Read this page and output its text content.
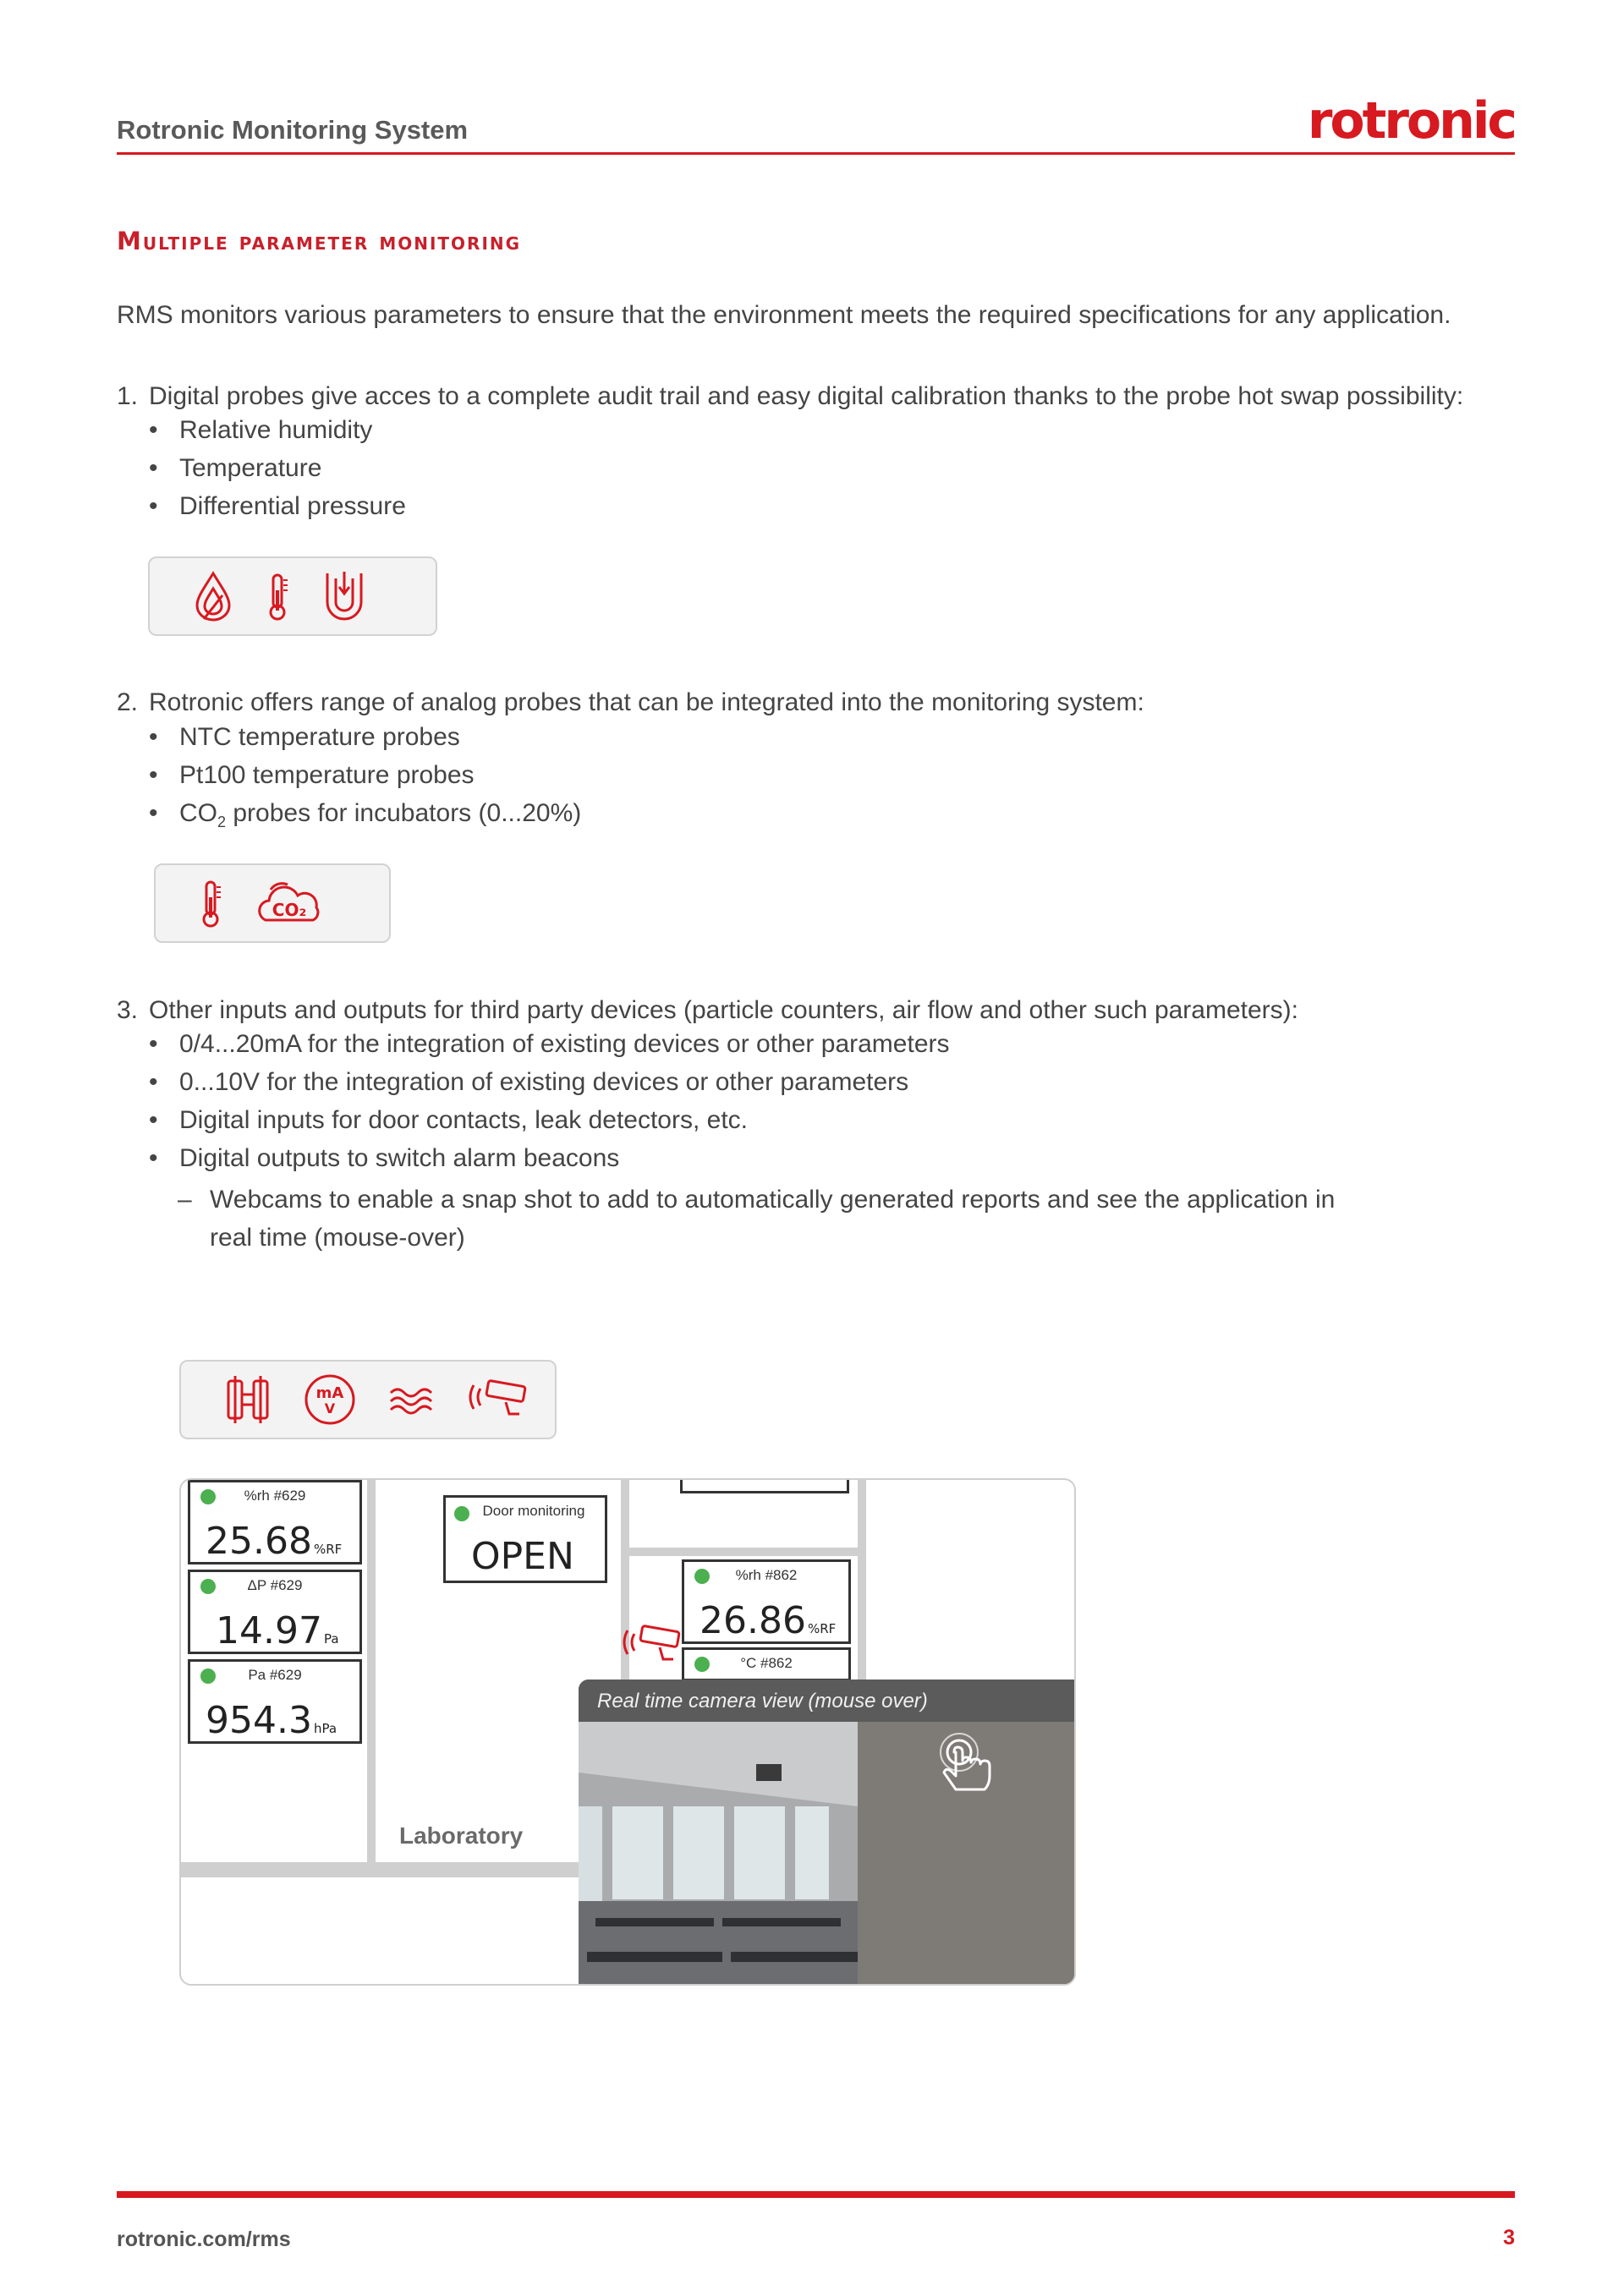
Rotronic Monitoring System	rotronic
Multiple parameter monitoring
RMS monitors various parameters to ensure that the environment meets the required specifications for any application.
1. Digital probes give acces to a complete audit trail and easy digital calibration thanks to the probe hot swap possibility:
• Relative humidity
• Temperature
• Differential pressure
2. Rotronic offers range of analog probes that can be integrated into the monitoring system:
• NTC temperature probes
• Pt100 temperature probes
• $CO_2$ probes for incubators (0...20%)
CO₂
3. Other inputs and outputs for third party devices (particle counters, air flow and other such parameters):
• 0/4...20mA for the integration of existing devices or other parameters
• 0...10V for the integration of existing devices or other parameters
• Digital inputs for door contacts, leak detectors, etc.
• Digital outputs to switch alarm beacons
– Webcams to enable a snap shot to add to automatically generated reports and see the application in real time (mouse-over)
mA
V
%rh #629
25.68 %RF
ΔP #629
14.97 Pa
Pa #629
954.3 hPa
Door monitoring
OPEN	%rh #862
26.86 %RF
°C #862
Laboratory
Real time camera view (mouse over)
rotronic.com/rms	3
